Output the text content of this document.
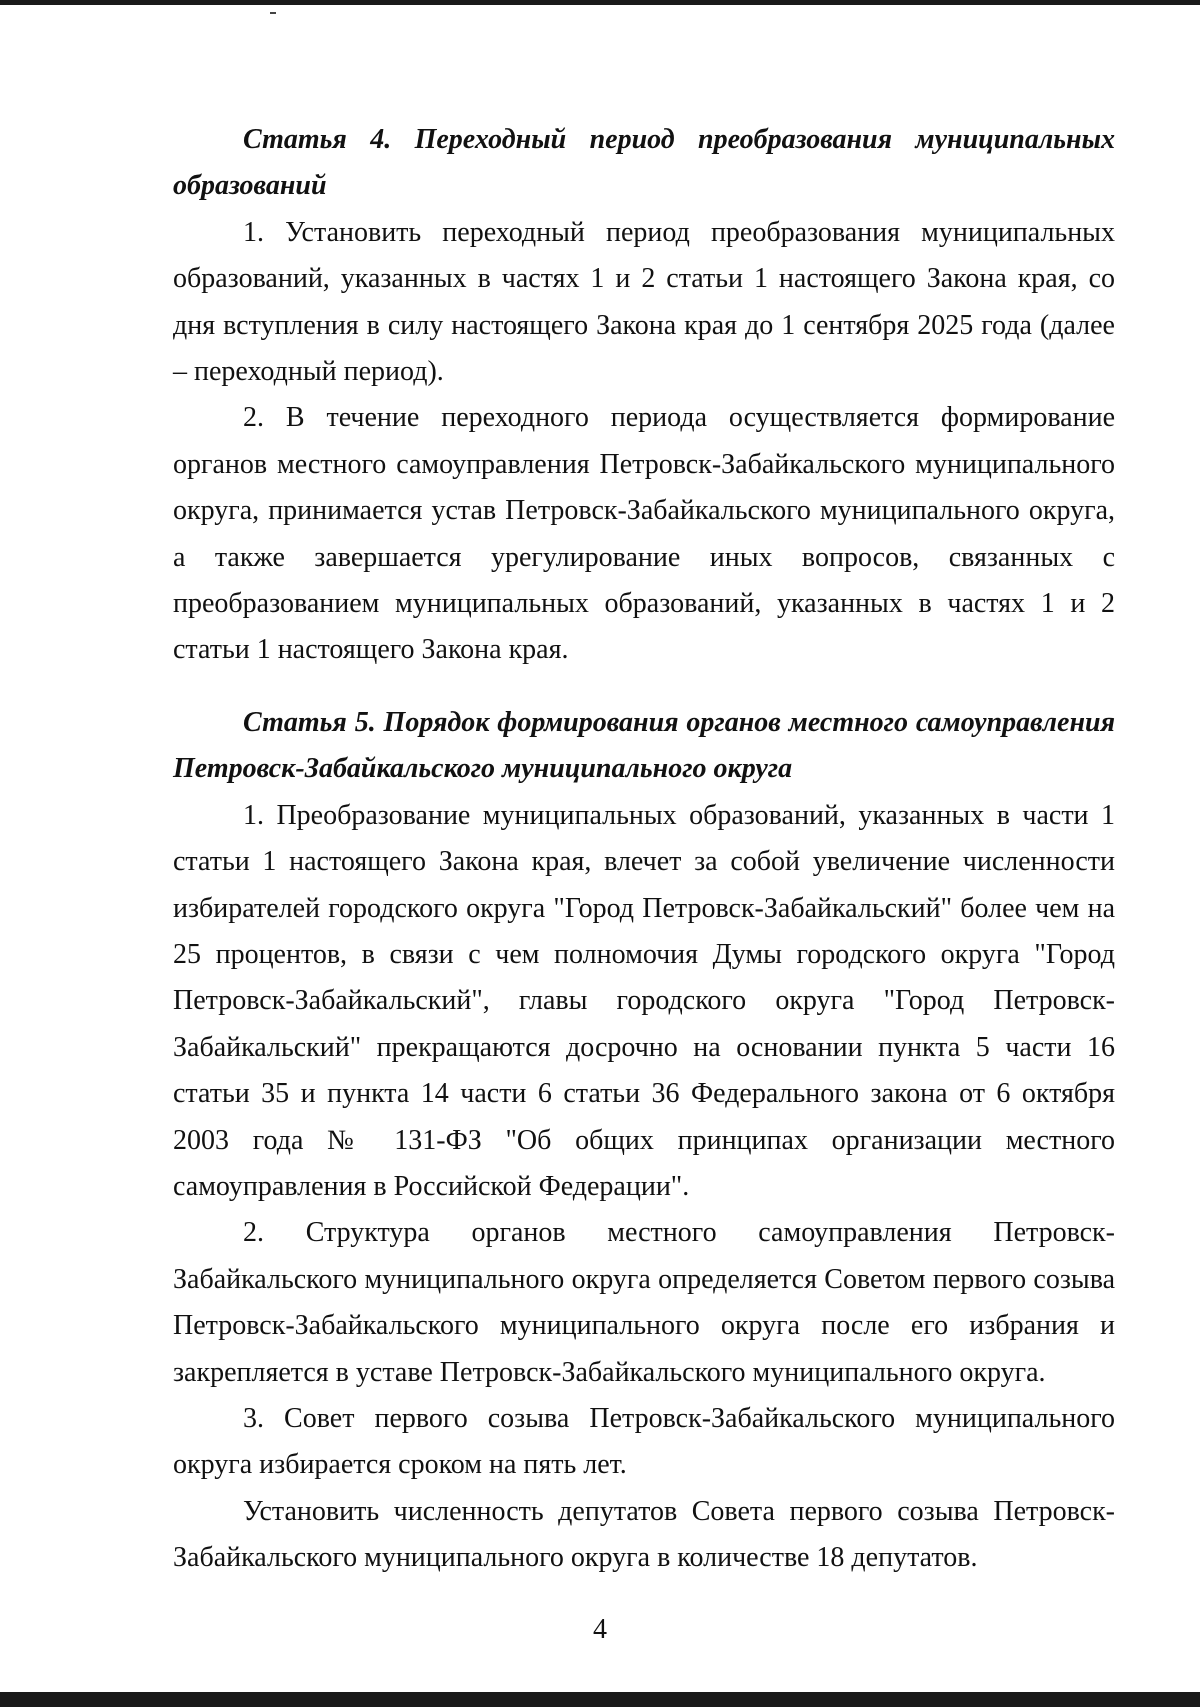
Статья 4. Переходный период преобразования муниципальных образований

1. Установить переходный период преобразования муниципальных образований, указанных в частях 1 и 2 статьи 1 настоящего Закона края, со дня вступления в силу настоящего Закона края до 1 сентября 2025 года (далее – переходный период).

2. В течение переходного периода осуществляется формирование органов местного самоуправления Петровск-Забайкальского муниципального округа, принимается устав Петровск-Забайкальского муниципального округа, а также завершается урегулирование иных вопросов, связанных с преобразованием муниципальных образований, указанных в частях 1 и 2 статьи 1 настоящего Закона края.

Статья 5. Порядок формирования органов местного самоуправления Петровск-Забайкальского муниципального округа

1. Преобразование муниципальных образований, указанных в части 1 статьи 1 настоящего Закона края, влечет за собой увеличение численности избирателей городского округа "Город Петровск-Забайкальский" более чем на 25 процентов, в связи с чем полномочия Думы городского округа "Город Петровск-Забайкальский", главы городского округа "Город Петровск-Забайкальский" прекращаются досрочно на основании пункта 5 части 16 статьи 35 и пункта 14 части 6 статьи 36 Федерального закона от 6 октября 2003 года № 131-ФЗ "Об общих принципах организации местного самоуправления в Российской Федерации".

2. Структура органов местного самоуправления Петровск-Забайкальского муниципального округа определяется Советом первого созыва Петровск-Забайкальского муниципального округа после его избрания и закрепляется в уставе Петровск-Забайкальского муниципального округа.

3. Совет первого созыва Петровск-Забайкальского муниципального округа избирается сроком на пять лет.

Установить численность депутатов Совета первого созыва Петровск-Забайкальского муниципального округа в количестве 18 депутатов.

4
